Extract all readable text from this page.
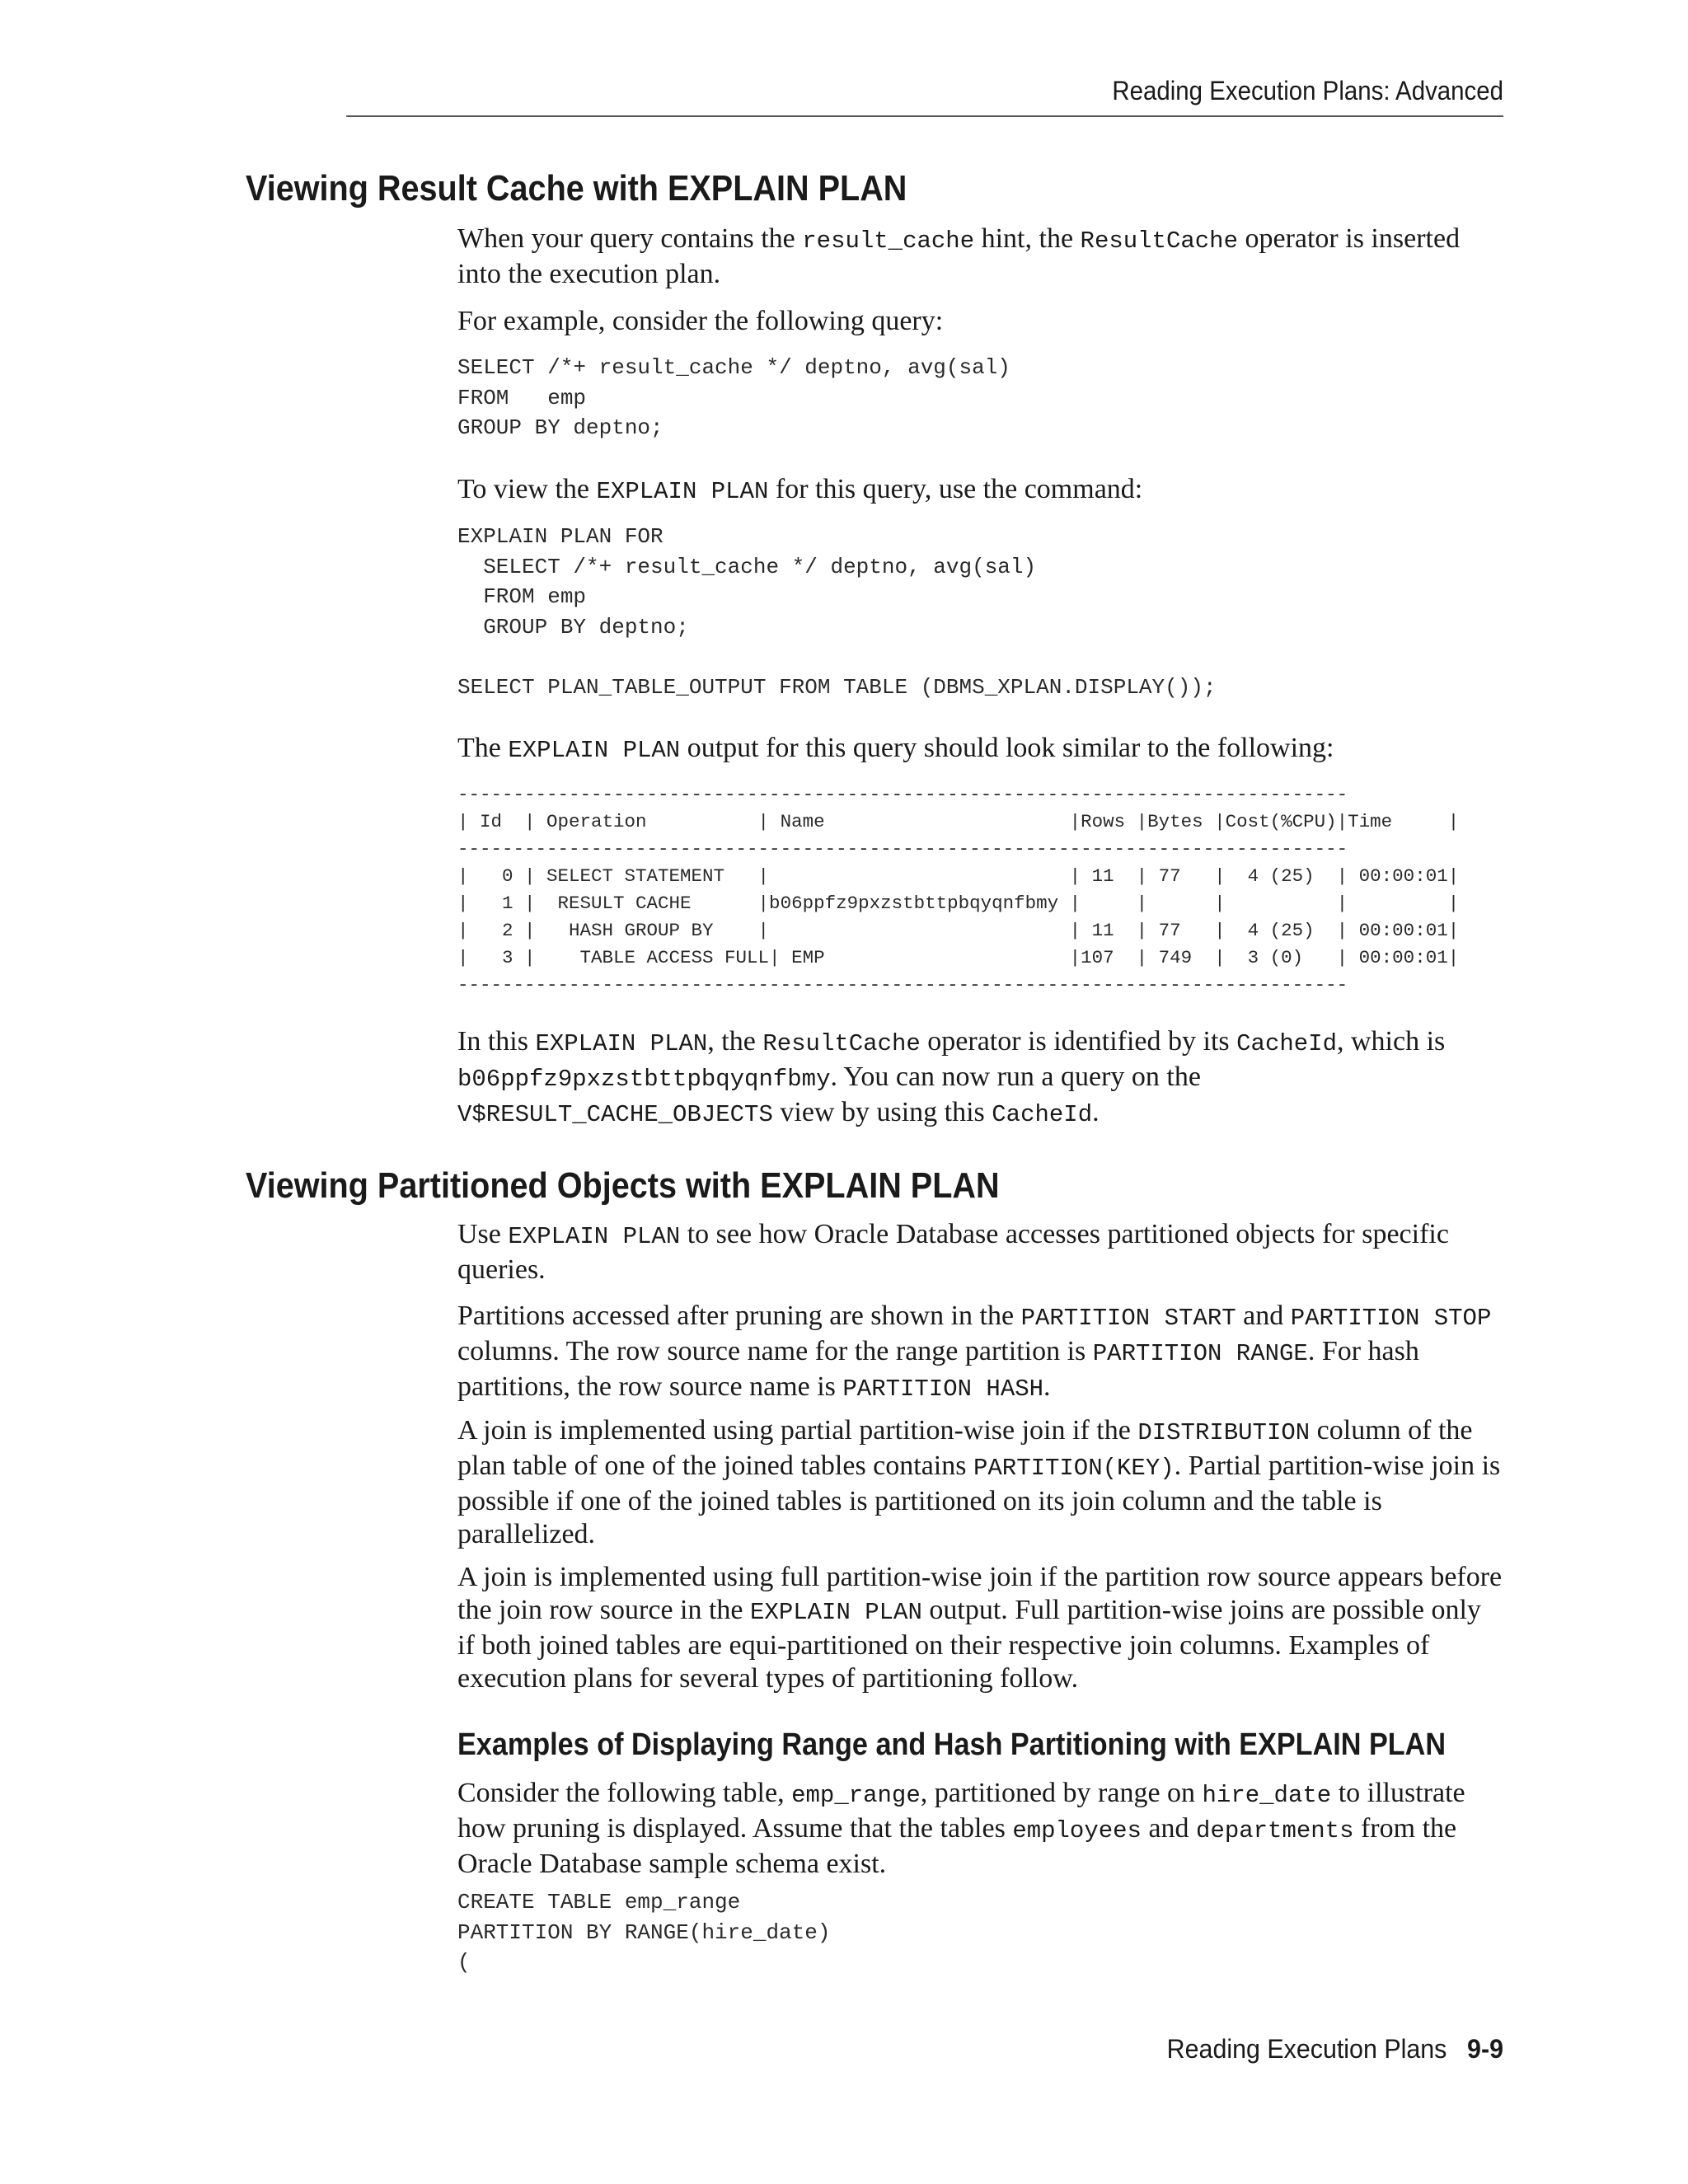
Reading Execution Plans: Advanced
Viewing Result Cache with EXPLAIN PLAN

When your query contains the result_cache hint, the ResultCache operator is inserted into the execution plan.

For example, consider the following query:

SELECT /*+ result_cache */ deptno, avg(sal)
FROM   emp
GROUP BY deptno;

To view the EXPLAIN PLAN for this query, use the command:

EXPLAIN PLAN FOR
SELECT /*+ result_cache */ deptno, avg(sal)
FROM emp
GROUP BY deptno;

SELECT PLAN_TABLE_OUTPUT FROM TABLE (DBMS_XPLAN.DISPLAY());

The EXPLAIN PLAN output for this query should look similar to the following:

--------------------------------------------------------------------------------
| Id  | Operation          | Name                      |Rows |Bytes |Cost(%CPU)|Time     |
--------------------------------------------------------------------------------
|   0 | SELECT STATEMENT   |                           | 11  | 77   |  4 (25)  | 00:00:01|
|   1 |  RESULT CACHE      |b06ppfz9pxzstbttpbqyqnfbmy |     |      |          |         |
|   2 |   HASH GROUP BY    |                           | 11  | 77   |  4 (25)  | 00:00:01|
|   3 |    TABLE ACCESS FULL| EMP                      |107  | 749  |  3 (0)   | 00:00:01|
--------------------------------------------------------------------------------

In this EXPLAIN PLAN, the ResultCache operator is identified by its CacheId, which is b06ppfz9pxzstbttpbqyqnfbmy. You can now run a query on the V$RESULT_CACHE_OBJECTS view by using this CacheId.

Viewing Partitioned Objects with EXPLAIN PLAN

Use EXPLAIN PLAN to see how Oracle Database accesses partitioned objects for specific queries.

Partitions accessed after pruning are shown in the PARTITION START and PARTITION STOP columns. The row source name for the range partition is PARTITION RANGE. For hash partitions, the row source name is PARTITION HASH.

A join is implemented using partial partition-wise join if the DISTRIBUTION column of the plan table of one of the joined tables contains PARTITION(KEY). Partial partition-wise join is possible if one of the joined tables is partitioned on its join column and the table is parallelized.

A join is implemented using full partition-wise join if the partition row source appears before the join row source in the EXPLAIN PLAN output. Full partition-wise joins are possible only if both joined tables are equi-partitioned on their respective join columns. Examples of execution plans for several types of partitioning follow.

Examples of Displaying Range and Hash Partitioning with EXPLAIN PLAN

Consider the following table, emp_range, partitioned by range on hire_date to illustrate how pruning is displayed. Assume that the tables employees and departments from the Oracle Database sample schema exist.

CREATE TABLE emp_range
PARTITION BY RANGE(hire_date)
(
Reading Execution Plans 9-9
